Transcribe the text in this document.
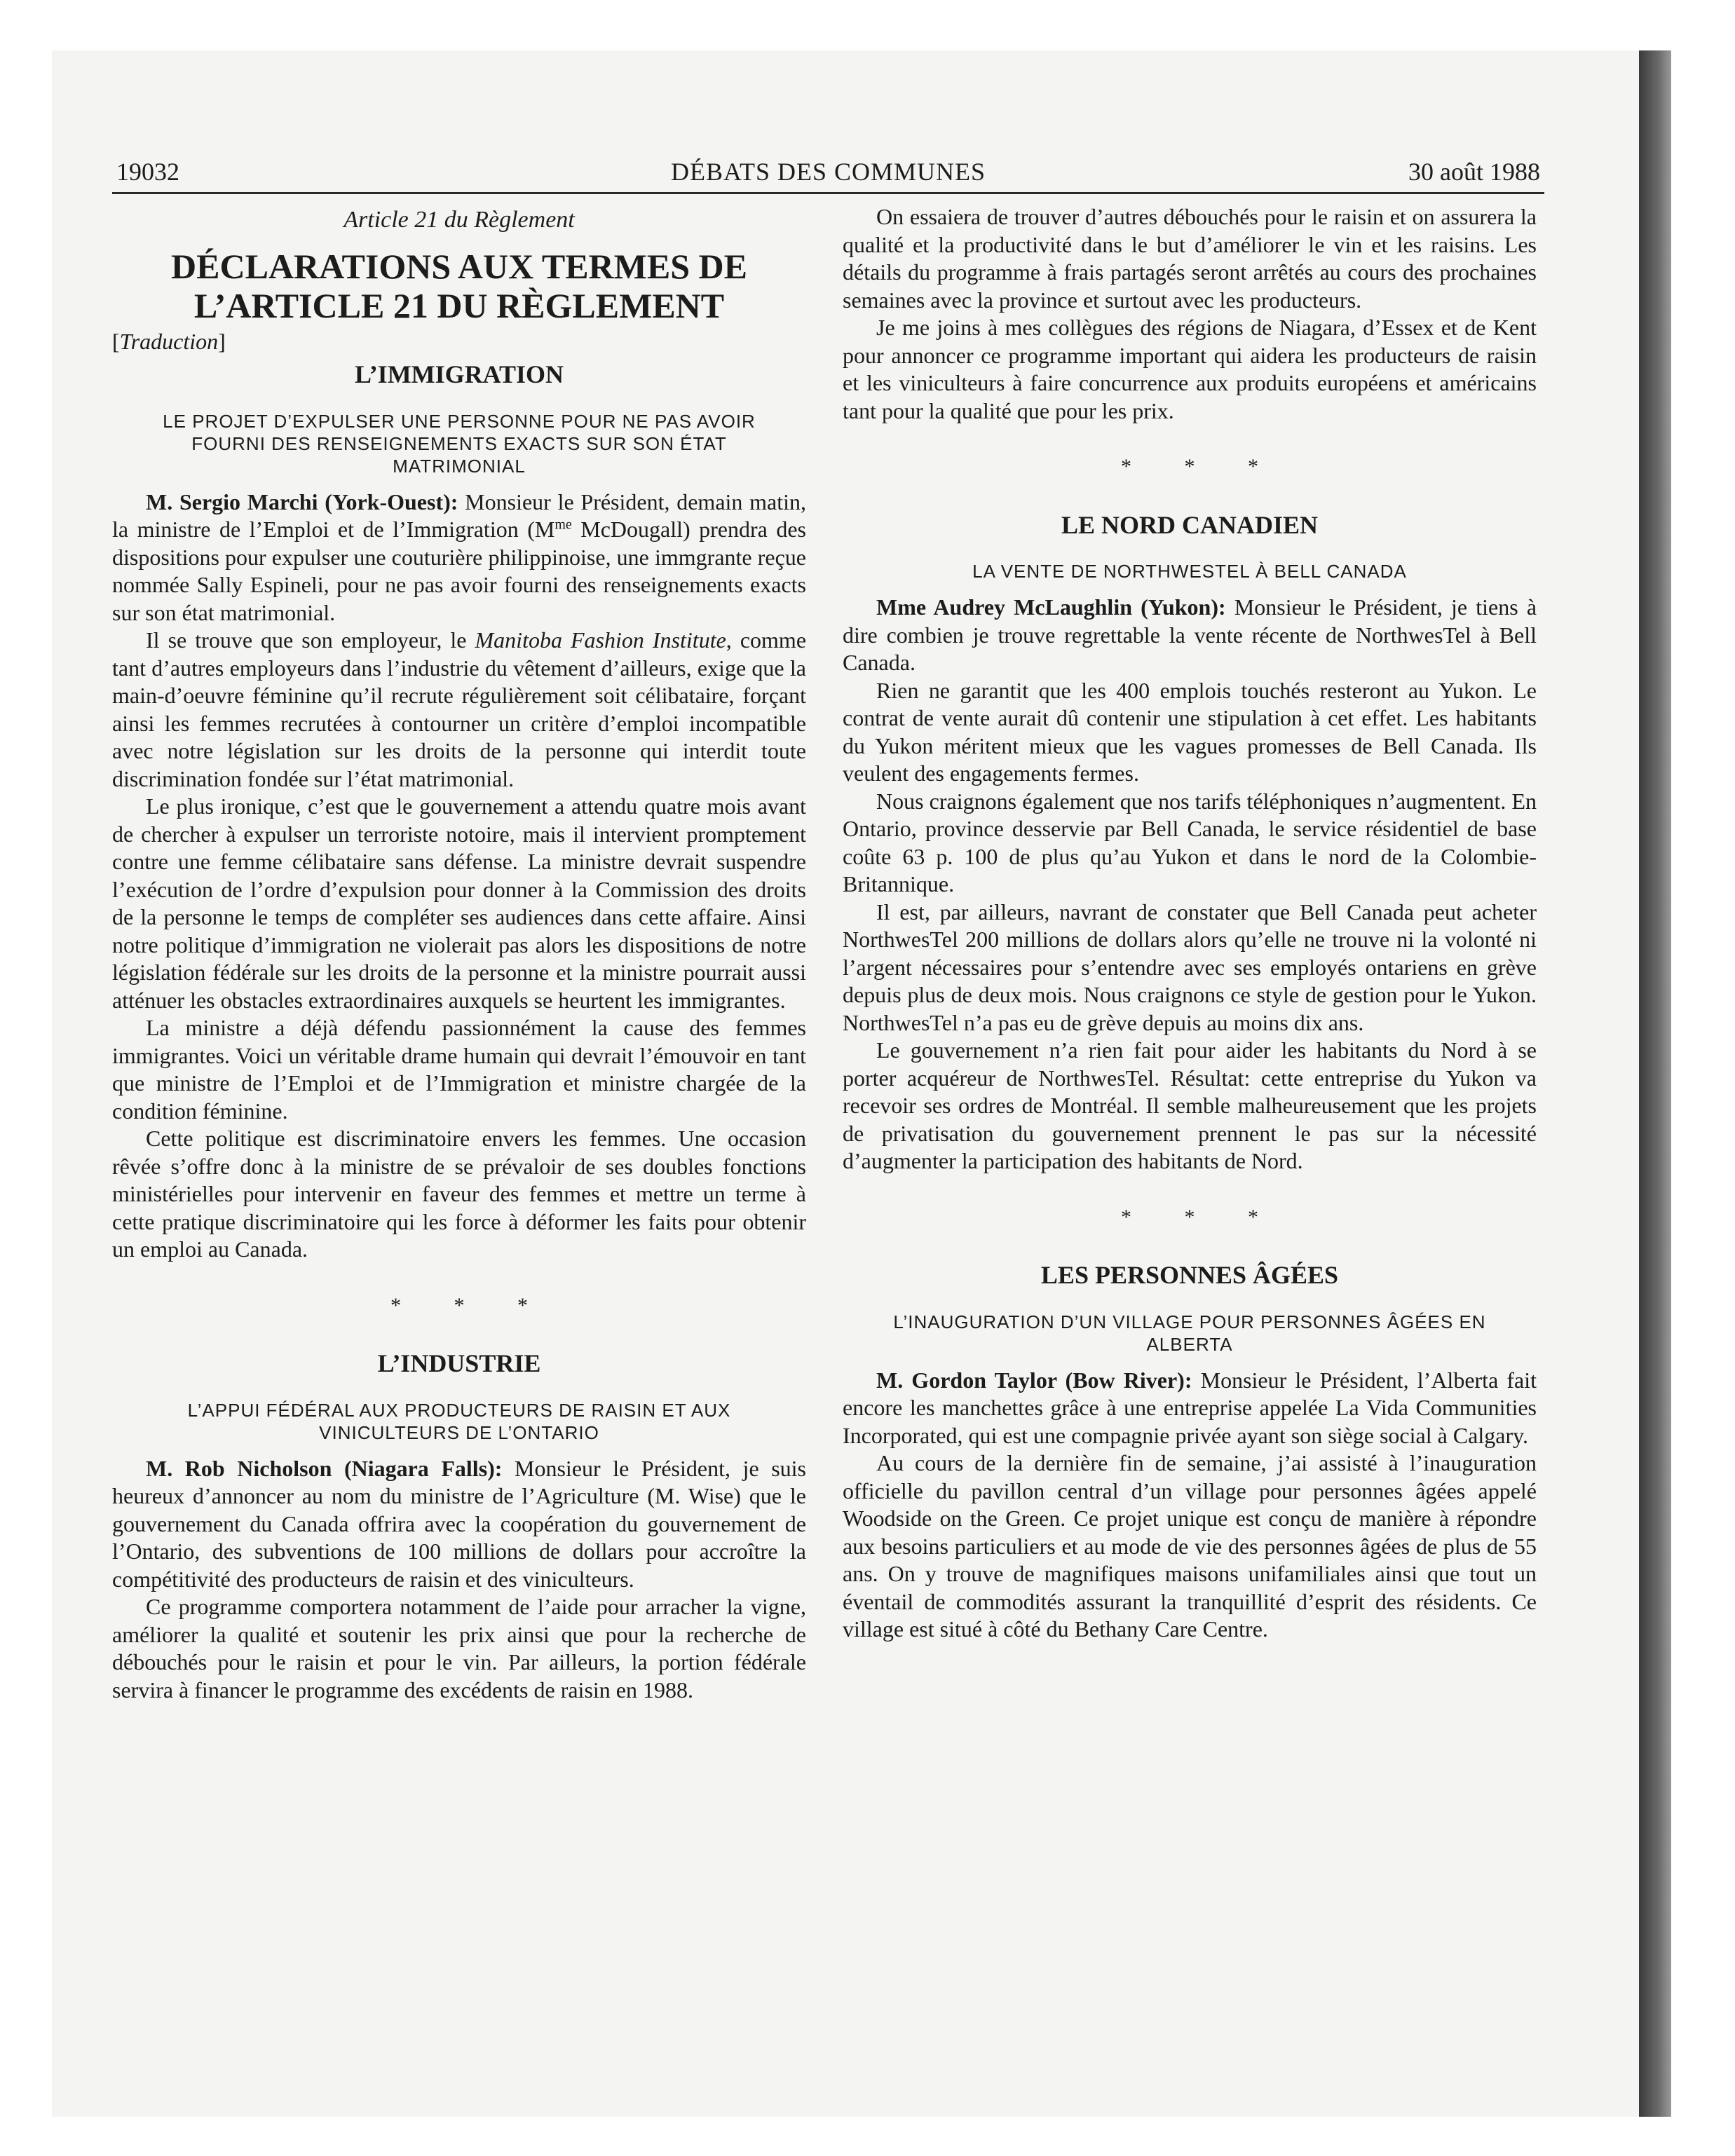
19032	DÉBATS DES COMMUNES	30 août 1988
Article 21 du Règlement
DÉCLARATIONS AUX TERMES DE
L’ARTICLE 21 DU RÈGLEMENT
[Traduction]
L’IMMIGRATION
LE PROJET D’EXPULSER UNE PERSONNE POUR NE PAS AVOIR FOURNI DES RENSEIGNEMENTS EXACTS SUR SON ÉTAT MATRIMONIAL

M. Sergio Marchi (York-Ouest): Monsieur le Président, demain matin, la ministre de l’Emploi et de l’Immigration ($M^{me}$ McDougall) prendra des dispositions pour expulser une couturière philippinoise, une immgrante reçue nommée Sally Espineli, pour ne pas avoir fourni des renseignements exacts sur son état matrimonial.

Il se trouve que son employeur, le Manitoba Fashion Institute, comme tant d’autres employeurs dans l’industrie du vêtement d’ailleurs, exige que la main-d’oeuvre féminine qu’il recrute régulièrement soit célibataire, forçant ainsi les femmes recrutées à contourner un critère d’emploi incompatible avec notre législation sur les droits de la personne qui interdit toute discrimination fondée sur l’état matrimonial.

Le plus ironique, c’est que le gouvernement a attendu quatre mois avant de chercher à expulser un terroriste notoire, mais il intervient promptement contre une femme célibataire sans défense. La ministre devrait suspendre l’exécution de l’ordre d’expulsion pour donner à la Commission des droits de la personne le temps de compléter ses audiences dans cette affaire. Ainsi notre politique d’immigration ne violerait pas alors les dispositions de notre législation fédérale sur les droits de la personne et la ministre pourrait aussi atténuer les obstacles extraordinaires auxquels se heurtent les immigrantes.

La ministre a déjà défendu passionnément la cause des femmes immigrantes. Voici un véritable drame humain qui devrait l’émouvoir en tant que ministre de l’Emploi et de l’Immigration et ministre chargée de la condition féminine.

Cette politique est discriminatoire envers les femmes. Une occasion rêvée s’offre donc à la ministre de se prévaloir de ses doubles fonctions ministérielles pour intervenir en faveur des femmes et mettre un terme à cette pratique discriminatoire qui les force à déformer les faits pour obtenir un emploi au Canada.

* * *
L’INDUSTRIE
L’APPUI FÉDÉRAL AUX PRODUCTEURS DE RAISIN ET AUX VINICULTEURS DE L’ONTARIO

M. Rob Nicholson (Niagara Falls): Monsieur le Président, je suis heureux d’annoncer au nom du ministre de l’Agriculture (M. Wise) que le gouvernement du Canada offrira avec la coopération du gouvernement de l’Ontario, des subventions de 100 millions de dollars pour accroître la compétitivité des producteurs de raisin et des viniculteurs.

Ce programme comportera notamment de l’aide pour arracher la vigne, améliorer la qualité et soutenir les prix ainsi que pour la recherche de débouchés pour le raisin et pour le vin. Par ailleurs, la portion fédérale servira à financer le programme des excédents de raisin en 1988.

On essaiera de trouver d’autres débouchés pour le raisin et on assurera la qualité et la productivité dans le but d’améliorer le vin et les raisins. Les détails du programme à frais partagés seront arrêtés au cours des prochaines semaines avec la province et surtout avec les producteurs.

Je me joins à mes collègues des régions de Niagara, d’Essex et de Kent pour annoncer ce programme important qui aidera les producteurs de raisin et les viniculteurs à faire concurrence aux produits européens et américains tant pour la qualité que pour les prix.

* * *
LE NORD CANADIEN
LA VENTE DE NORTHWESTEL À BELL CANADA

Mme Audrey McLaughlin (Yukon): Monsieur le Président, je tiens à dire combien je trouve regrettable la vente récente de NorthwesTel à Bell Canada.

Rien ne garantit que les 400 emplois touchés resteront au Yukon. Le contrat de vente aurait dû contenir une stipulation à cet effet. Les habitants du Yukon méritent mieux que les vagues promesses de Bell Canada. Ils veulent des engagements fermes.

Nous craignons également que nos tarifs téléphoniques n’augmentent. En Ontario, province desservie par Bell Canada, le service résidentiel de base coûte 63 p. 100 de plus qu’au Yukon et dans le nord de la Colombie-Britannique.

Il est, par ailleurs, navrant de constater que Bell Canada peut acheter NorthwesTel 200 millions de dollars alors qu’elle ne trouve ni la volonté ni l’argent nécessaires pour s’entendre avec ses employés ontariens en grève depuis plus de deux mois. Nous craignons ce style de gestion pour le Yukon. NorthwesTel n’a pas eu de grève depuis au moins dix ans.

Le gouvernement n’a rien fait pour aider les habitants du Nord à se porter acquéreur de NorthwesTel. Résultat: cette entreprise du Yukon va recevoir ses ordres de Montréal. Il semble malheureusement que les projets de privatisation du gouvernement prennent le pas sur la nécessité d’augmenter la participation des habitants de Nord.

* * *
LES PERSONNES ÂGÉES
L’INAUGURATION D’UN VILLAGE POUR PERSONNES ÂGÉES EN ALBERTA

M. Gordon Taylor (Bow River): Monsieur le Président, l’Alberta fait encore les manchettes grâce à une entreprise appelée La Vida Communities Incorporated, qui est une compagnie privée ayant son siège social à Calgary.

Au cours de la dernière fin de semaine, j’ai assisté à l’inauguration officielle du pavillon central d’un village pour personnes âgées appelé Woodside on the Green. Ce projet unique est conçu de manière à répondre aux besoins particuliers et au mode de vie des personnes âgées de plus de 55 ans. On y trouve de magnifiques maisons unifamiliales ainsi que tout un éventail de commodités assurant la tranquillité d’esprit des résidents. Ce village est situé à côté du Bethany Care Centre.
